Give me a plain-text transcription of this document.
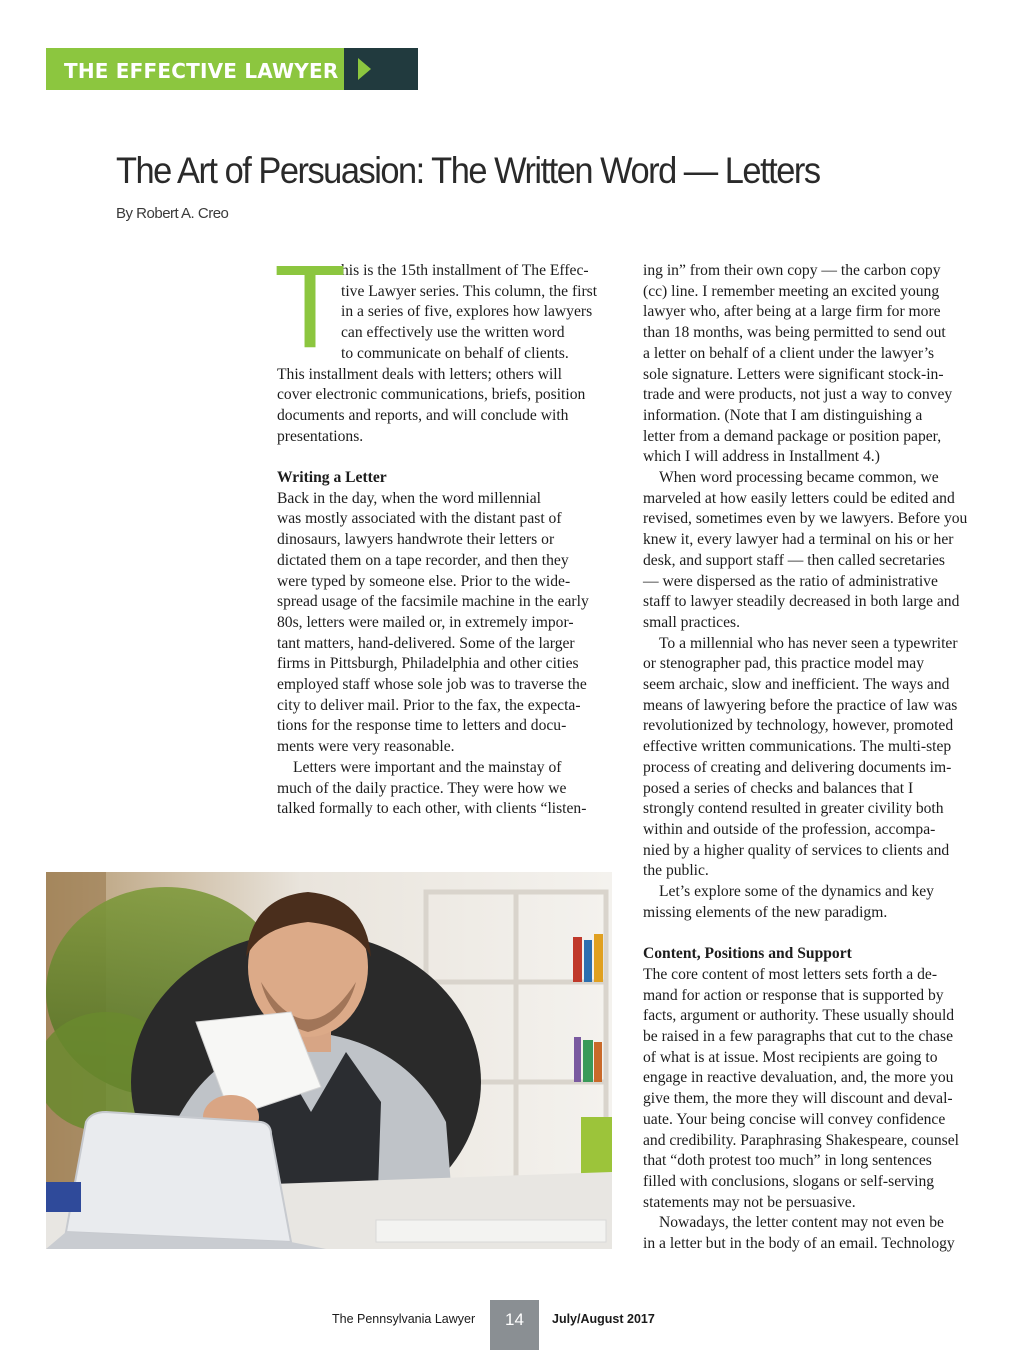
THE EFFECTIVE LAWYER
The Art of Persuasion: The Written Word — Letters
By Robert A. Creo
T
his is the 15th installment of The Effec-
tive Lawyer series. This column, the first
in a series of five, explores how lawyers
can effectively use the written word
to communicate on behalf of clients.
This installment deals with letters; others will
cover electronic communications, briefs, position
documents and reports, and will conclude with
presentations.
Writing a Letter
Back in the day, when the word millennial
was mostly associated with the distant past of
dinosaurs, lawyers handwrote their letters or
dictated them on a tape recorder, and then they
were typed by someone else. Prior to the wide-
spread usage of the facsimile machine in the early
80s, letters were mailed or, in extremely impor-
tant matters, hand-delivered. Some of the larger
firms in Pittsburgh, Philadelphia and other cities
employed staff whose sole job was to traverse the
city to deliver mail. Prior to the fax, the expecta-
tions for the response time to letters and docu-
ments were very reasonable.
Letters were important and the mainstay of
much of the daily practice. They were how we
talked formally to each other, with clients “listen-
ing in” from their own copy — the carbon copy
(cc) line. I remember meeting an excited young
lawyer who, after being at a large firm for more
than 18 months, was being permitted to send out
a letter on behalf of a client under the lawyer’s
sole signature. Letters were significant stock-in-
trade and were products, not just a way to convey
information. (Note that I am distinguishing a
letter from a demand package or position paper,
which I will address in Installment 4.)
When word processing became common, we
marveled at how easily letters could be edited and
revised, sometimes even by we lawyers. Before you
knew it, every lawyer had a terminal on his or her
desk, and support staff — then called secretaries
— were dispersed as the ratio of administrative
staff to lawyer steadily decreased in both large and
small practices.
To a millennial who has never seen a typewriter
or stenographer pad, this practice model may
seem archaic, slow and inefficient. The ways and
means of lawyering before the practice of law was
revolutionized by technology, however, promoted
effective written communications. The multi-step
process of creating and delivering documents im-
posed a series of checks and balances that I
strongly contend resulted in greater civility both
within and outside of the profession, accompa-
nied by a higher quality of services to clients and
the public.
Let’s explore some of the dynamics and key
missing elements of the new paradigm.
Content, Positions and Support
The core content of most letters sets forth a de-
mand for action or response that is supported by
facts, argument or authority. These usually should
be raised in a few paragraphs that cut to the chase
of what is at issue. Most recipients are going to
engage in reactive devaluation, and, the more you
give them, the more they will discount and deval-
uate. Your being concise will convey confidence
and credibility. Paraphrasing Shakespeare, counsel
that “doth protest too much” in long sentences
filled with conclusions, slogans or self-serving
statements may not be persuasive.
Nowadays, the letter content may not even be
in a letter but in the body of an email. Technology
The Pennsylvania Lawyer	14	July/August 2017
